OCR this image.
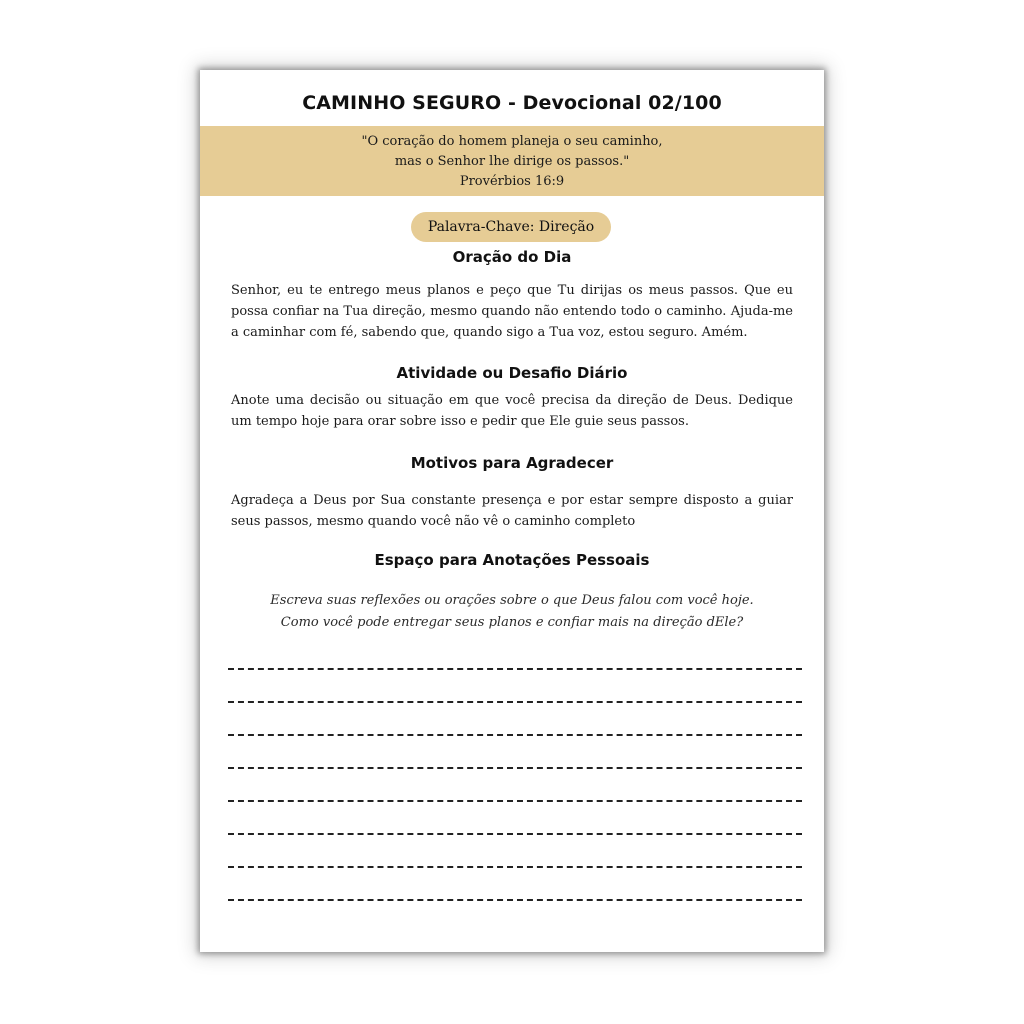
CAMINHO SEGURO - Devocional 02/100
"O coração do homem planeja o seu caminho,
mas o Senhor lhe dirige os passos."
Provérbios 16:9
Palavra-Chave: Direção
Oração do Dia
Senhor, eu te entrego meus planos e peço que Tu dirijas os meus passos. Que eu possa confiar na Tua direção, mesmo quando não entendo todo o caminho. Ajuda-me a caminhar com fé, sabendo que, quando sigo a Tua voz, estou seguro. Amém.
Atividade ou Desafio Diário
Anote uma decisão ou situação em que você precisa da direção de Deus. Dedique um tempo hoje para orar sobre isso e pedir que Ele guie seus passos.
Motivos para Agradecer
Agradeça a Deus por Sua constante presença e por estar sempre disposto a guiar seus passos, mesmo quando você não vê o caminho completo
Espaço para Anotações Pessoais
Escreva suas reflexões ou orações sobre o que Deus falou com você hoje.
Como você pode entregar seus planos e confiar mais na direção dEle?
